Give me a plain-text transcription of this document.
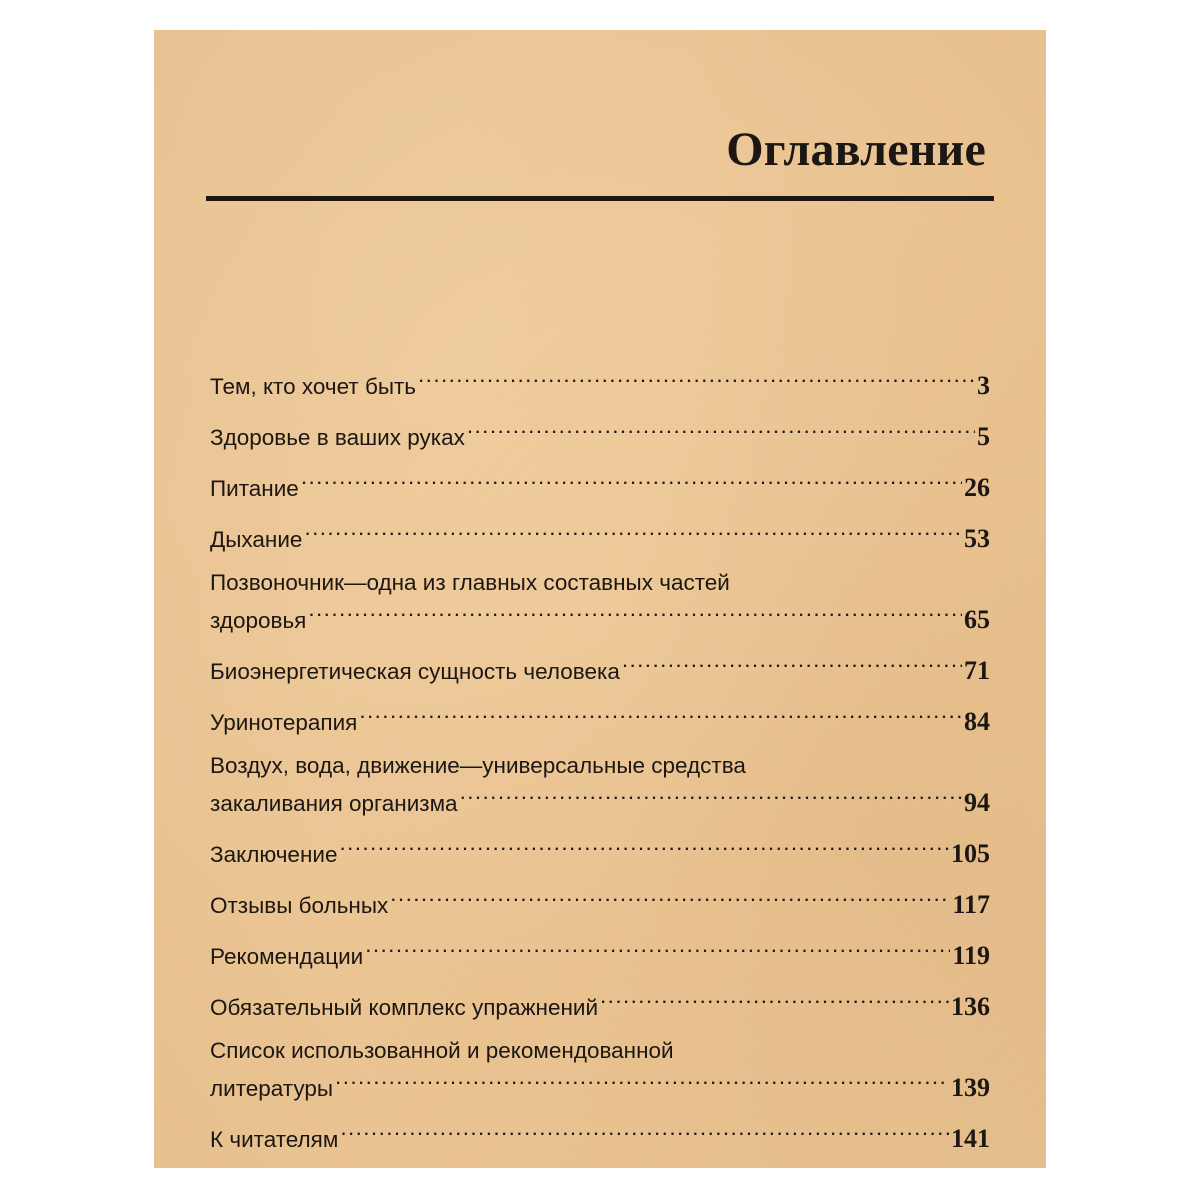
Оглавление
Тем, кто хочет быть .....	3
Здоровье в ваших руках .....	5
Питание .....	26
Дыхание .....	53
Позвоночник—одна из главных составных частей
здоровья .....	65
Биоэнергетическая сущность человека .....	71
Уринотерапия .....	84
Воздух, вода, движение—универсальные средства
закаливания организма .....	94
Заключение .....	105
Отзывы больных .....	117
Рекомендации .....	119
Обязательный комплекс упражнений .....	136
Список использованной и рекомендованной
литературы .....	139
К читателям .....	141
